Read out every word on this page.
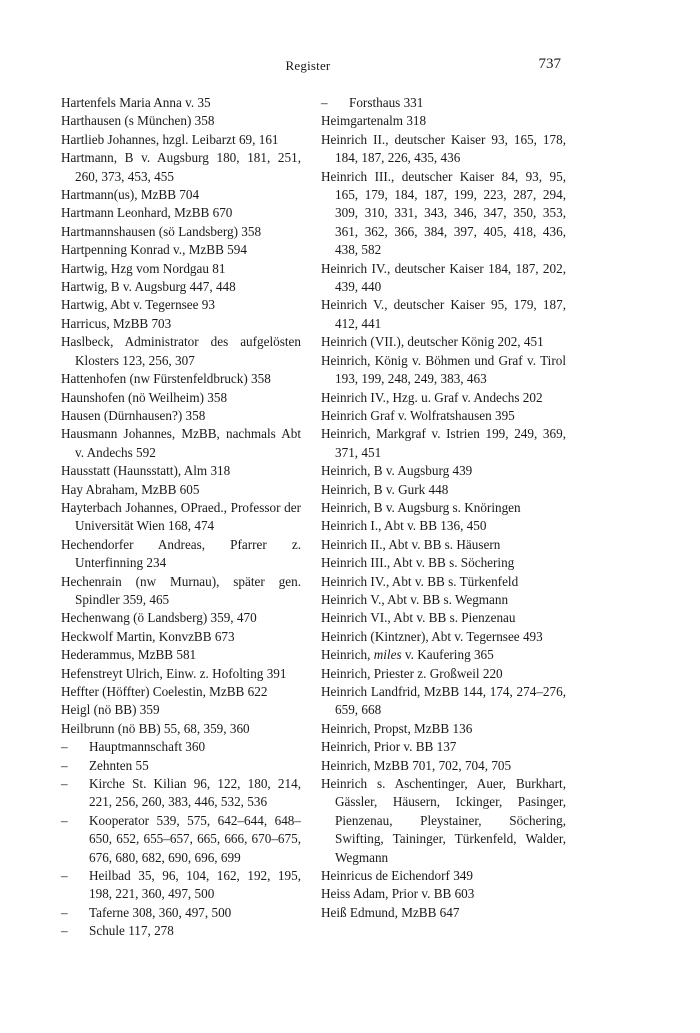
Register	737

Hartenfels Maria Anna v. 35

Harthausen (s München) 358

Hartlieb Johannes, hzgl. Leibarzt 69, 161

Hartmann, B v. Augsburg 180, 181, 251, 260, 373, 453, 455

Hartmann(us), MzBB 704

Hartmann Leonhard, MzBB 670

Hartmannshausen (sö Landsberg) 358

Hartpenning Konrad v., MzBB 594

Hartwig, Hzg vom Nordgau 81

Hartwig, B v. Augsburg 447, 448

Hartwig, Abt v. Tegernsee 93

Harricus, MzBB 703

Haslbeck, Administrator des aufgelösten Klosters 123, 256, 307

Hattenhofen (nw Fürstenfeldbruck) 358

Haunshofen (nö Weilheim) 358

Hausen (Dürnhausen?) 358

Hausmann Johannes, MzBB, nachmals Abt v. Andechs 592

Hausstatt (Haunsstatt), Alm 318

Hay Abraham, MzBB 605

Hayterbach Johannes, OPraed., Professor der Universität Wien 168, 474

Hechendorfer Andreas, Pfarrer z. Unterfinning 234

Hechenrain (nw Murnau), später gen. Spindler 359, 465

Hechenwang (ö Landsberg) 359, 470

Heckwolf Martin, KonvzBB 673

Hederammus, MzBB 581

Hefenstreyt Ulrich, Einw. z. Hofolting 391

Heffter (Höffter) Coelestin, MzBB 622

Heigl (nö BB) 359

Heilbrunn (nö BB) 55, 68, 359, 360

–Hauptmannschaft 360

–Zehnten 55

–Kirche St. Kilian 96, 122, 180, 214, 221, 256, 260, 383, 446, 532, 536

–Kooperator 539, 575, 642–644, 648–650, 652, 655–657, 665, 666, 670–675, 676, 680, 682, 690, 696, 699

–Heilbad 35, 96, 104, 162, 192, 195, 198, 221, 360, 497, 500

–Taferne 308, 360, 497, 500

–Schule 117, 278

–Forsthaus 331

Heimgartenalm 318

Heinrich II., deutscher Kaiser 93, 165, 178, 184, 187, 226, 435, 436

Heinrich III., deutscher Kaiser 84, 93, 95, 165, 179, 184, 187, 199, 223, 287, 294, 309, 310, 331, 343, 346, 347, 350, 353, 361, 362, 366, 384, 397, 405, 418, 436, 438, 582

Heinrich IV., deutscher Kaiser 184, 187, 202, 439, 440

Heinrich V., deutscher Kaiser 95, 179, 187, 412, 441

Heinrich (VII.), deutscher König 202, 451

Heinrich, König v. Böhmen und Graf v. Tirol 193, 199, 248, 249, 383, 463

Heinrich IV., Hzg. u. Graf v. Andechs 202

Heinrich Graf v. Wolfratshausen 395

Heinrich, Markgraf v. Istrien 199, 249, 369, 371, 451

Heinrich, B v. Augsburg 439

Heinrich, B v. Gurk 448

Heinrich, B v. Augsburg s. Knöringen

Heinrich I., Abt v. BB 136, 450

Heinrich II., Abt v. BB s. Häusern

Heinrich III., Abt v. BB s. Söchering

Heinrich IV., Abt v. BB s. Türkenfeld

Heinrich V., Abt v. BB s. Wegmann

Heinrich VI., Abt v. BB s. Pienzenau

Heinrich (Kintzner), Abt v. Tegernsee 493

Heinrich, miles v. Kaufering 365

Heinrich, Priester z. Großweil 220

Heinrich Landfrid, MzBB 144, 174, 274–276, 659, 668

Heinrich, Propst, MzBB 136

Heinrich, Prior v. BB 137

Heinrich, MzBB 701, 702, 704, 705

Heinrich s. Aschentinger, Auer, Burkhart, Gässler, Häusern, Ickinger, Pasinger, Pienzenau, Pleystainer, Söchering, Swifting, Taininger, Türkenfeld, Walder, Wegmann

Heinricus de Eichendorf 349

Heiss Adam, Prior v. BB 603

Heiß Edmund, MzBB 647
